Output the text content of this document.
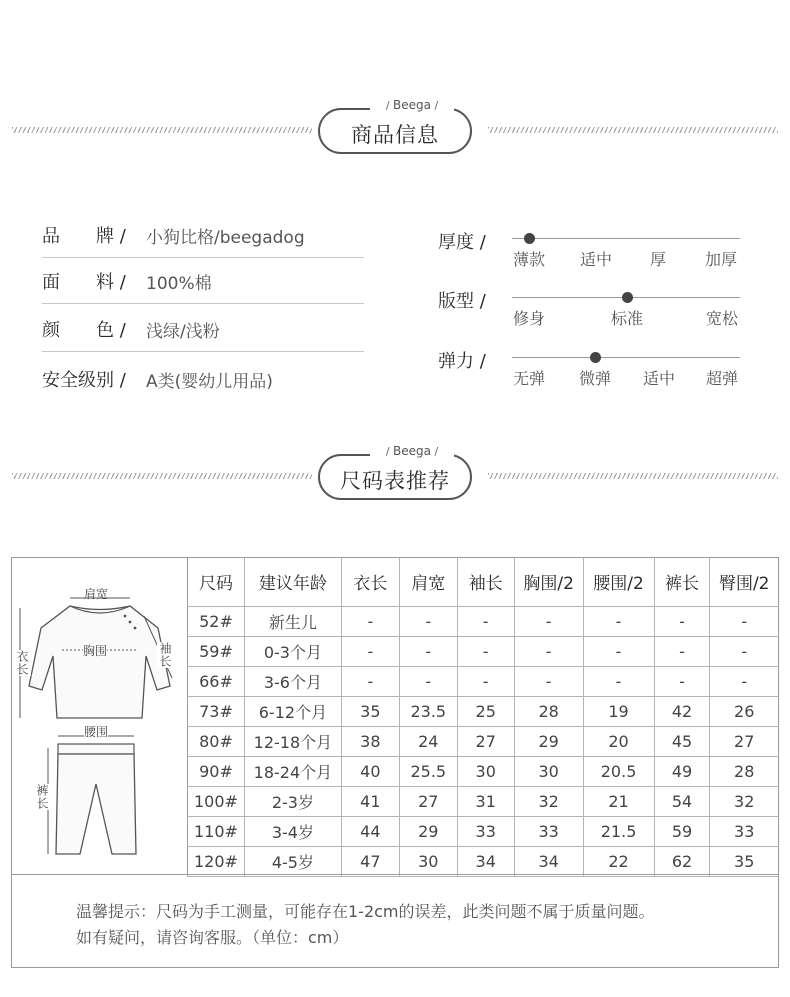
商品信息
/ Beega /
品 牌 / 小狗比格/beegadog
面 料 / 100%棉
颜 色 / 浅绿/浅粉
安全级别 / A类(婴幼儿用品)
厚度 /
薄款 适中 厚 加厚
版型 /
修身	标准	宽松
弹力 /
无弹 微弹 适中 超弹
尺码表推荐
/ Beega /
肩宽
胸围	袖长
衣长
腰围
裤长
尺码	建议年龄	衣长	肩宽	袖长	胸围/2	腰围/2	裤长	臀围/2
52#	新生儿	-	-	-	-	-	-	-
59#	0-3个月	-	-	-	-	-	-	-
66#	3-6个月	-	-	-	-	-	-	-
73#	6-12个月	35	23.5	25	28	19	42	26
80#	12-18个月	38	24	27	29	20	45	27
90#	18-24个月	40	25.5	30	30	20.5	49	28
100#	2-3岁	41	27	31	32	21	54	32
110#	3-4岁	44	29	33	33	21.5	59	33
120#	4-5岁	47	30	34	34	22	62	35

温馨提示：尺码为手工测量，可能存在1-2cm的误差，此类问题不属于质量问题。

如有疑问，请咨询客服。（单位：cm）
